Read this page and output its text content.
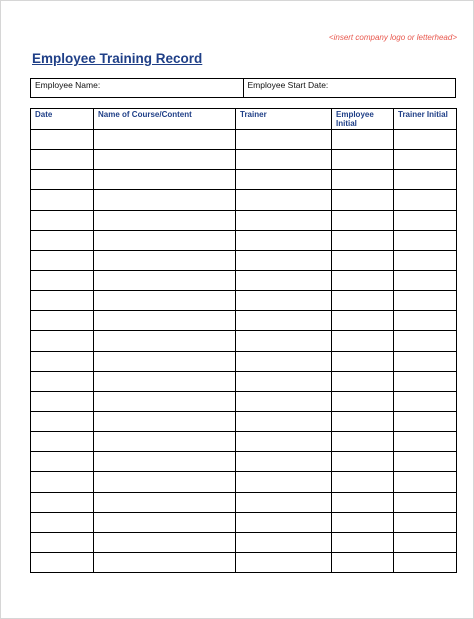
<insert company logo or letterhead>
Employee Training Record
Employee Name:	Employee Start Date:
Date	Name of Course/Content	Trainer	Employee Initial	Trainer Initial
